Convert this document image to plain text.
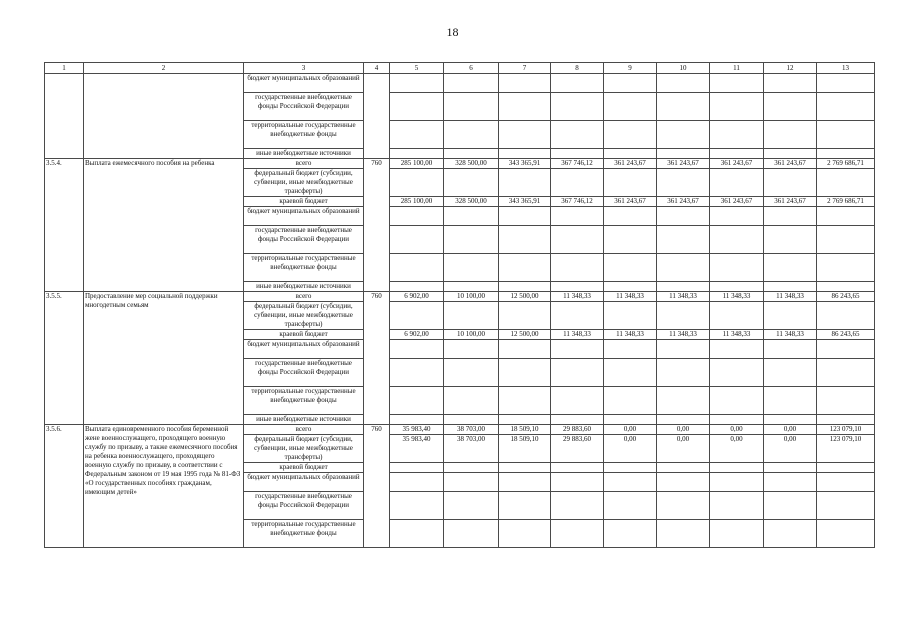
18
1	2	3	4	5	6	7	8	9	10	11	12	13
		бюджет муниципальных образований										
		государственные внебюджетные фонды Российской Федерации										
		территориальные государственные внебюджетные фонды										
		иные внебюджетные источники										
3.5.4.	Выплата ежемесячного пособия на ребенка	всего	760	285 100,00	328 500,00	343 365,91	367 746,12	361 243,67	361 243,67	361 243,67	361 243,67	2 769 686,71
		федеральный бюджет (субсидии, субвенции, иные межбюджетные трансферты)										
		краевой бюджет		285 100,00	328 500,00	343 365,91	367 746,12	361 243,67	361 243,67	361 243,67	361 243,67	2 769 686,71
		бюджет муниципальных образований										
		государственные внебюджетные фонды Российской Федерации										
		территориальные государственные внебюджетные фонды										
		иные внебюджетные источники										
3.5.5.	Предоставление мер социальной поддержки многодетным семьям	всего	760	6 902,00	10 100,00	12 500,00	11 348,33	11 348,33	11 348,33	11 348,33	11 348,33	86 243,65
		федеральный бюджет (субсидии, субвенции, иные межбюджетные трансферты)										
		краевой бюджет		6 902,00	10 100,00	12 500,00	11 348,33	11 348,33	11 348,33	11 348,33	11 348,33	86 243,65
		бюджет муниципальных образований										
		государственные внебюджетные фонды Российской Федерации										
		территориальные государственные внебюджетные фонды										
		иные внебюджетные источники										
3.5.6.	Выплата единовременного пособия беременной жене военнослужащего, проходящего военную службу по призыву, а также ежемесячного пособия на ребенка военнослужащего, проходящего военную службу по призыву, в соответствии с Федеральным законом от 19 мая 1995 года № 81-ФЗ «О государственных пособиях гражданам, имеющим детей»	всего	760	35 983,40	38 703,00	18 509,10	29 883,60	0,00	0,00	0,00	0,00	123 079,10
		федеральный бюджет (субсидии, субвенции, иные межбюджетные трансферты)		35 983,40	38 703,00	18 509,10	29 883,60	0,00	0,00	0,00	0,00	123 079,10
		краевой бюджет										
		бюджет муниципальных образований										
		государственные внебюджетные фонды Российской Федерации										
		территориальные государственные внебюджетные фонды										
